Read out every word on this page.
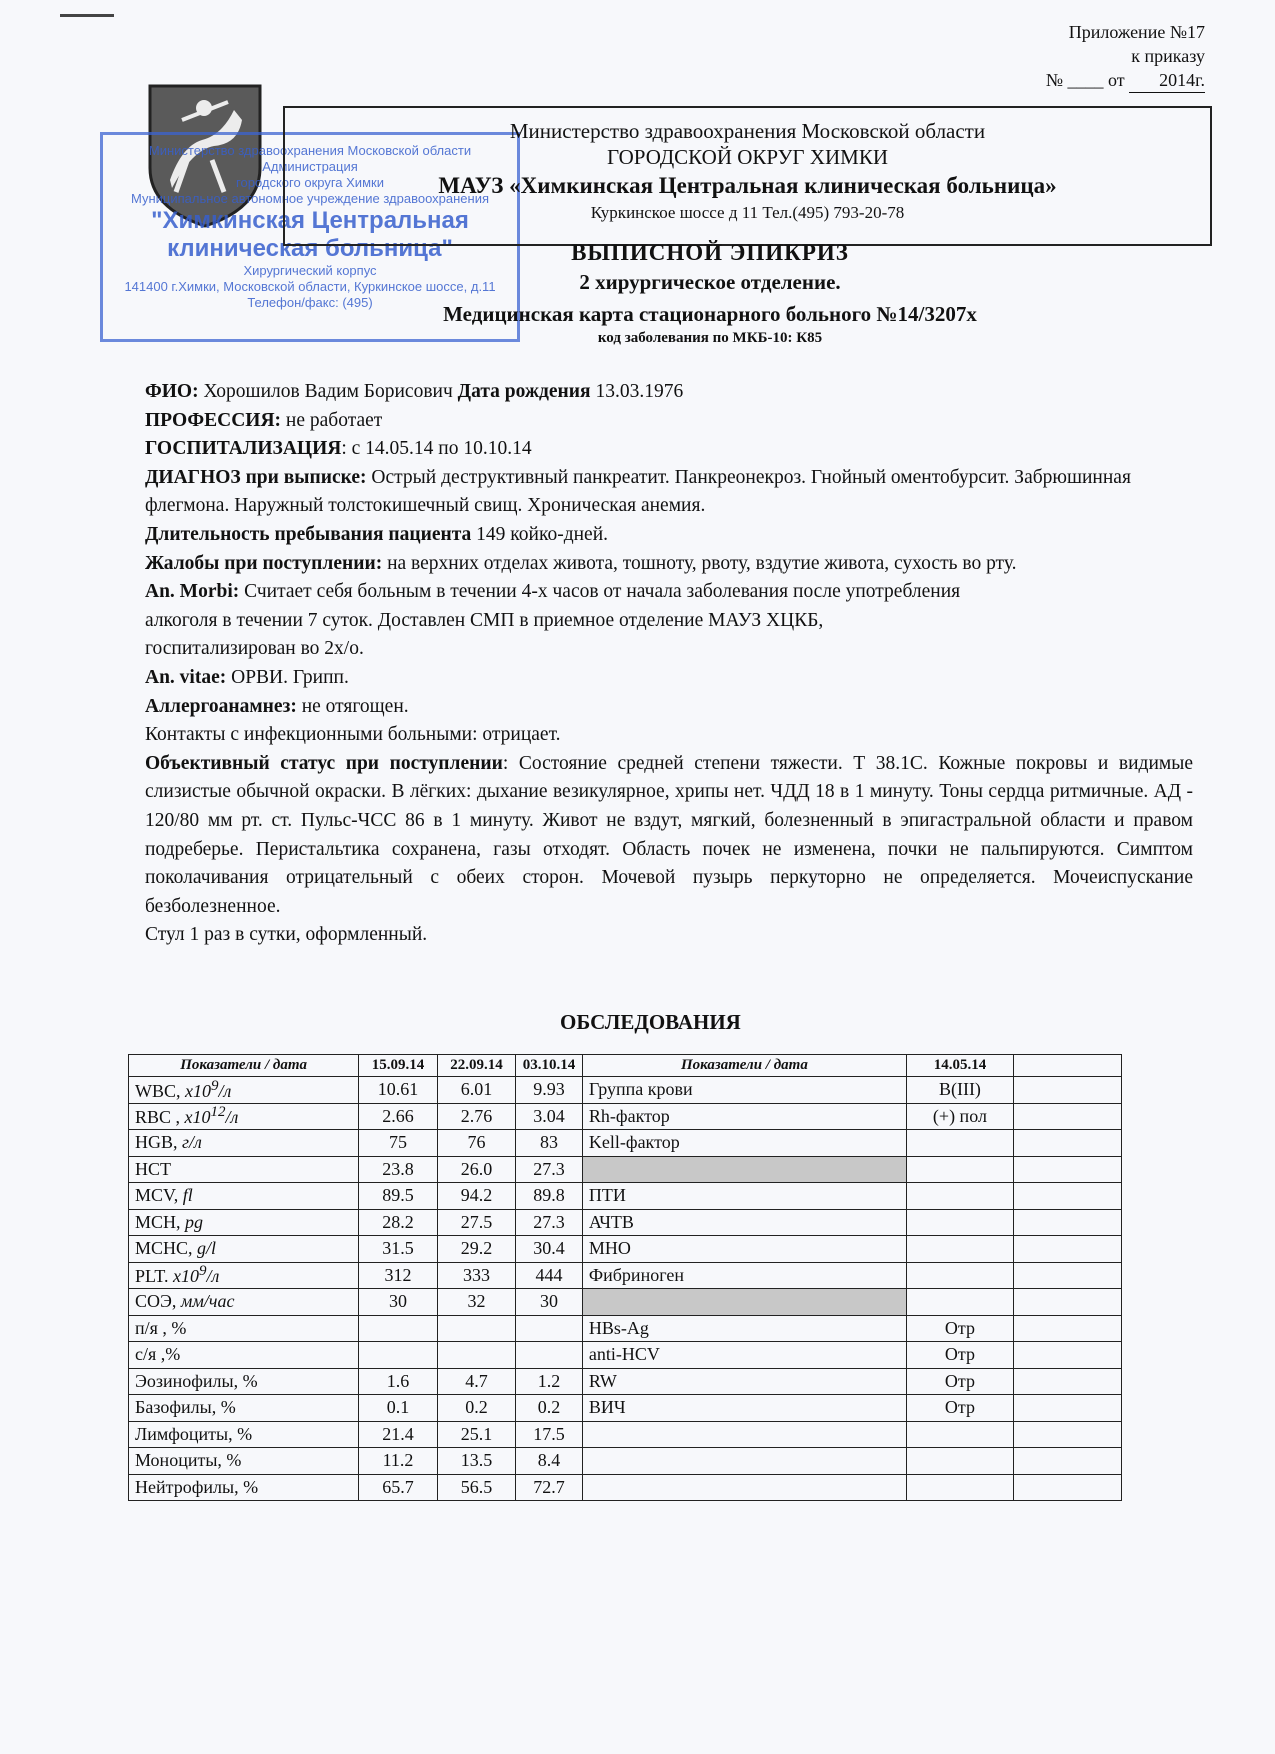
Приложение №17
к приказу
№ ____ от 2014г.
Министерство здравоохранения Московской области
Администрация
городского округа Химки
Муниципальное автономное учреждение здравоохранения
"Химкинская Центральная
клиническая больница"
Хирургический корпус
141400 г.Химки, Московской области, Куркинское шоссе, д.11
Телефон/факс: (495)
Министерство здравоохранения Московской области
ГОРОДСКОЙ ОКРУГ ХИМКИ
МАУЗ «Химкинская Центральная клиническая больница»
Куркинское шоссе д 11 Тел.(495) 793-20-78
ВЫПИСНОЙ ЭПИКРИЗ
2 хирургическое отделение.
Медицинская карта стационарного больного №14/3207х
код заболевания по МКБ-10: К85

ФИО: Хорошилов Вадим Борисович Дата рождения 13.03.1976

ПРОФЕССИЯ: не работает

ГОСПИТАЛИЗАЦИЯ: с 14.05.14 по 10.10.14

ДИАГНОЗ при выписке: Острый деструктивный панкреатит. Панкреонекроз. Гнойный оментобурсит. Забрюшинная флегмона. Наружный толстокишечный свищ. Хроническая анемия.

Длительность пребывания пациента 149 койко-дней.

Жалобы при поступлении: на верхних отделах живота, тошноту, рвоту, вздутие живота, сухость во рту.

An. Morbi: Считает себя больным в течении 4-х часов от начала заболевания после употребления

алкоголя в течении 7 суток. Доставлен СМП в приемное отделение МАУЗ ХЦКБ,

госпитализирован во 2х/о.

An. vitae: ОРВИ. Грипп.

Аллергоанамнез: не отягощен.

Контакты с инфекционными больными: отрицает.

Объективный статус при поступлении: Состояние средней степени тяжести. Т 38.1С. Кожные покровы и видимые слизистые обычной окраски. В лёгких: дыхание везикулярное, хрипы нет. ЧДД 18 в 1 минуту. Тоны сердца ритмичные. АД - 120/80 мм рт. ст. Пульс-ЧСС 86 в 1 минуту. Живот не вздут, мягкий, болезненный в эпигастральной области и правом подреберье. Перистальтика сохранена, газы отходят. Область почек не изменена, почки не пальпируются. Симптом поколачивания отрицательный с обеих сторон. Мочевой пузырь перкуторно не определяется. Мочеиспускание безболезненное.

Стул 1 раз в сутки, оформленный.

ОБСЛЕДОВАНИЯ
Показатели / дата	15.09.14	22.09.14	03.10.14	Показатели / дата	14.05.14	
WBC, $x10^9/л$	10.61	6.01	9.93	Группа крови	B(III)	
RBC , $x10^{12}/л$	2.66	2.76	3.04	Rh-фактор	(+) пол	
HGB, г/л	75	76	83	Kell-фактор		
HCT	23.8	26.0	27.3			
MCV, fl	89.5	94.2	89.8	ПТИ		
MCH, pg	28.2	27.5	27.3	АЧТВ		
MCHC, g/l	31.5	29.2	30.4	МНО		
PLT. $x10^9/л$	312	333	444	Фибриноген		
СОЭ, мм/час	30	32	30			
п/я , %				HBs-Ag	Отр	
с/я ,%				anti-HCV	Отр	
Эозинофилы, %	1.6	4.7	1.2	RW	Отр	
Базофилы, %	0.1	0.2	0.2	ВИЧ	Отр	
Лимфоциты, %	21.4	25.1	17.5			
Моноциты, %	11.2	13.5	8.4			
Нейтрофилы, %	65.7	56.5	72.7			
